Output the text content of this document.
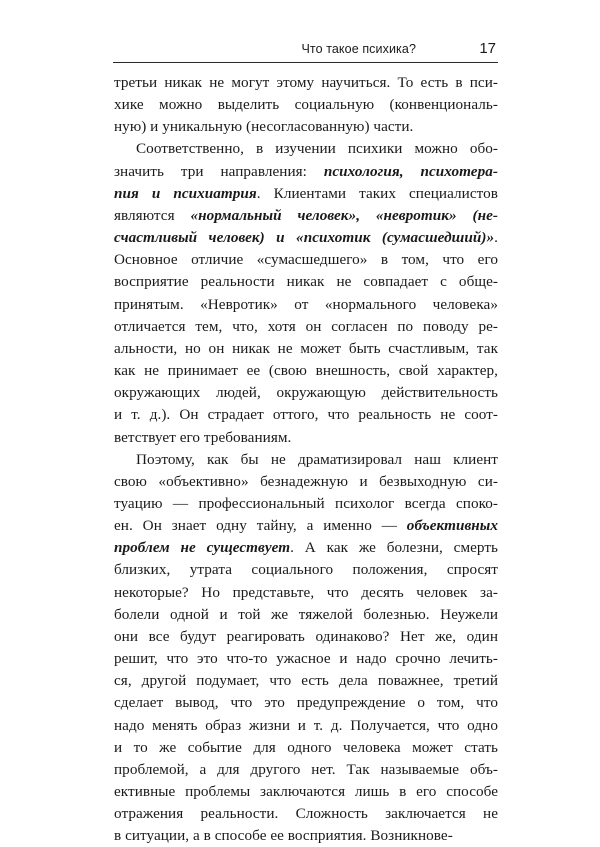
Что такое психика?	17

третьи никак не могут этому научиться. То есть в пси-
хике можно выделить социальную (конвенциональ-
ную) и уникальную (несогласованную) части.

Соответственно, в изучении психики можно обо-
значить три направления: психология, психотера-
пия и психиатрия. Клиентами таких специалистов
являются «нормальный человек», «невротик» (не-
счастливый человек) и «психотик (сумасшедший)».
Основное отличие «сумасшедшего» в том, что его
восприятие реальности никак не совпадает с обще-
принятым. «Невротик» от «нормального человека»
отличается тем, что, хотя он согласен по поводу ре-
альности, но он никак не может быть счастливым, так
как не принимает ее (свою внешность, свой характер,
окружающих людей, окружающую действительность
и т. д.). Он страдает оттого, что реальность не соот-
ветствует его требованиям.

Поэтому, как бы не драматизировал наш клиент
свою «объективно» безнадежную и безвыходную си-
туацию — профессиональный психолог всегда споко-
ен. Он знает одну тайну, а именно — объективных
проблем не существует. А как же болезни, смерть
близких, утрата социального положения, спросят
некоторые? Но представьте, что десять человек за-
болели одной и той же тяжелой болезнью. Неужели
они все будут реагировать одинаково? Нет же, один
решит, что это что-то ужасное и надо срочно лечить-
ся, другой подумает, что есть дела поважнее, третий
сделает вывод, что это предупреждение о том, что
надо менять образ жизни и т. д. Получается, что одно
и то же событие для одного человека может стать
проблемой, а для другого нет. Так называемые объ-
ективные проблемы заключаются лишь в его способе
отражения реальности. Сложность заключается не
в ситуации, а в способе ее восприятия. Возникнове-
